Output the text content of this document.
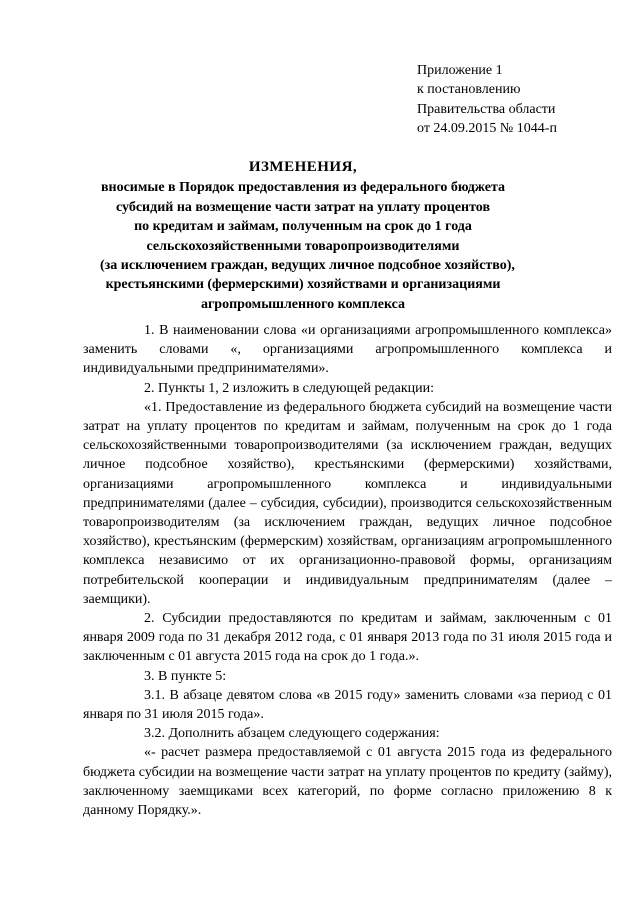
Приложение 1
к постановлению
Правительства области
от 24.09.2015 № 1044-п
ИЗМЕНЕНИЯ,
вносимые в Порядок предоставления из федерального бюджета
субсидий на возмещение части затрат на уплату процентов
по кредитам и займам, полученным на срок до 1 года
сельскохозяйственными товаропроизводителями
(за исключением граждан, ведущих личное подсобное хозяйство),
крестьянскими (фермерскими) хозяйствами и организациями
агропромышленного комплекса

1. В наименовании слова «и организациями агропромышленного комплекса» заменить словами «, организациями агропромышленного комплекса и индивидуальными предпринимателями».

2. Пункты 1, 2 изложить в следующей редакции:

«1. Предоставление из федерального бюджета субсидий на возмещение части затрат на уплату процентов по кредитам и займам, полученным на срок до 1 года сельскохозяйственными товаропроизводителями (за исключением граждан, ведущих личное подсобное хозяйство), крестьянскими (фермерскими) хозяйствами, организациями агропромышленного комплекса и индивидуальными предпринимателями (далее – субсидия, субсидии), производится сельскохозяйственным товаропроизводителям (за исключением граждан, ведущих личное подсобное хозяйство), крестьянским (фермерским) хозяйствам, организациям агропромышленного комплекса независимо от их организационно-правовой формы, организациям потребительской кооперации и индивидуальным предпринимателям (далее – заемщики).

2. Субсидии предоставляются по кредитам и займам, заключенным с 01 января 2009 года по 31 декабря 2012 года, с 01 января 2013 года по 31 июля 2015 года и заключенным с 01 августа 2015 года на срок до 1 года.».

3. В пункте 5:

3.1. В абзаце девятом слова «в 2015 году» заменить словами «за период с 01 января по 31 июля 2015 года».

3.2. Дополнить абзацем следующего содержания:

«- расчет размера предоставляемой с 01 августа 2015 года из федерального бюджета субсидии на возмещение части затрат на уплату процентов по кредиту (займу), заключенному заемщиками всех категорий, по форме согласно приложению 8 к данному Порядку.».
